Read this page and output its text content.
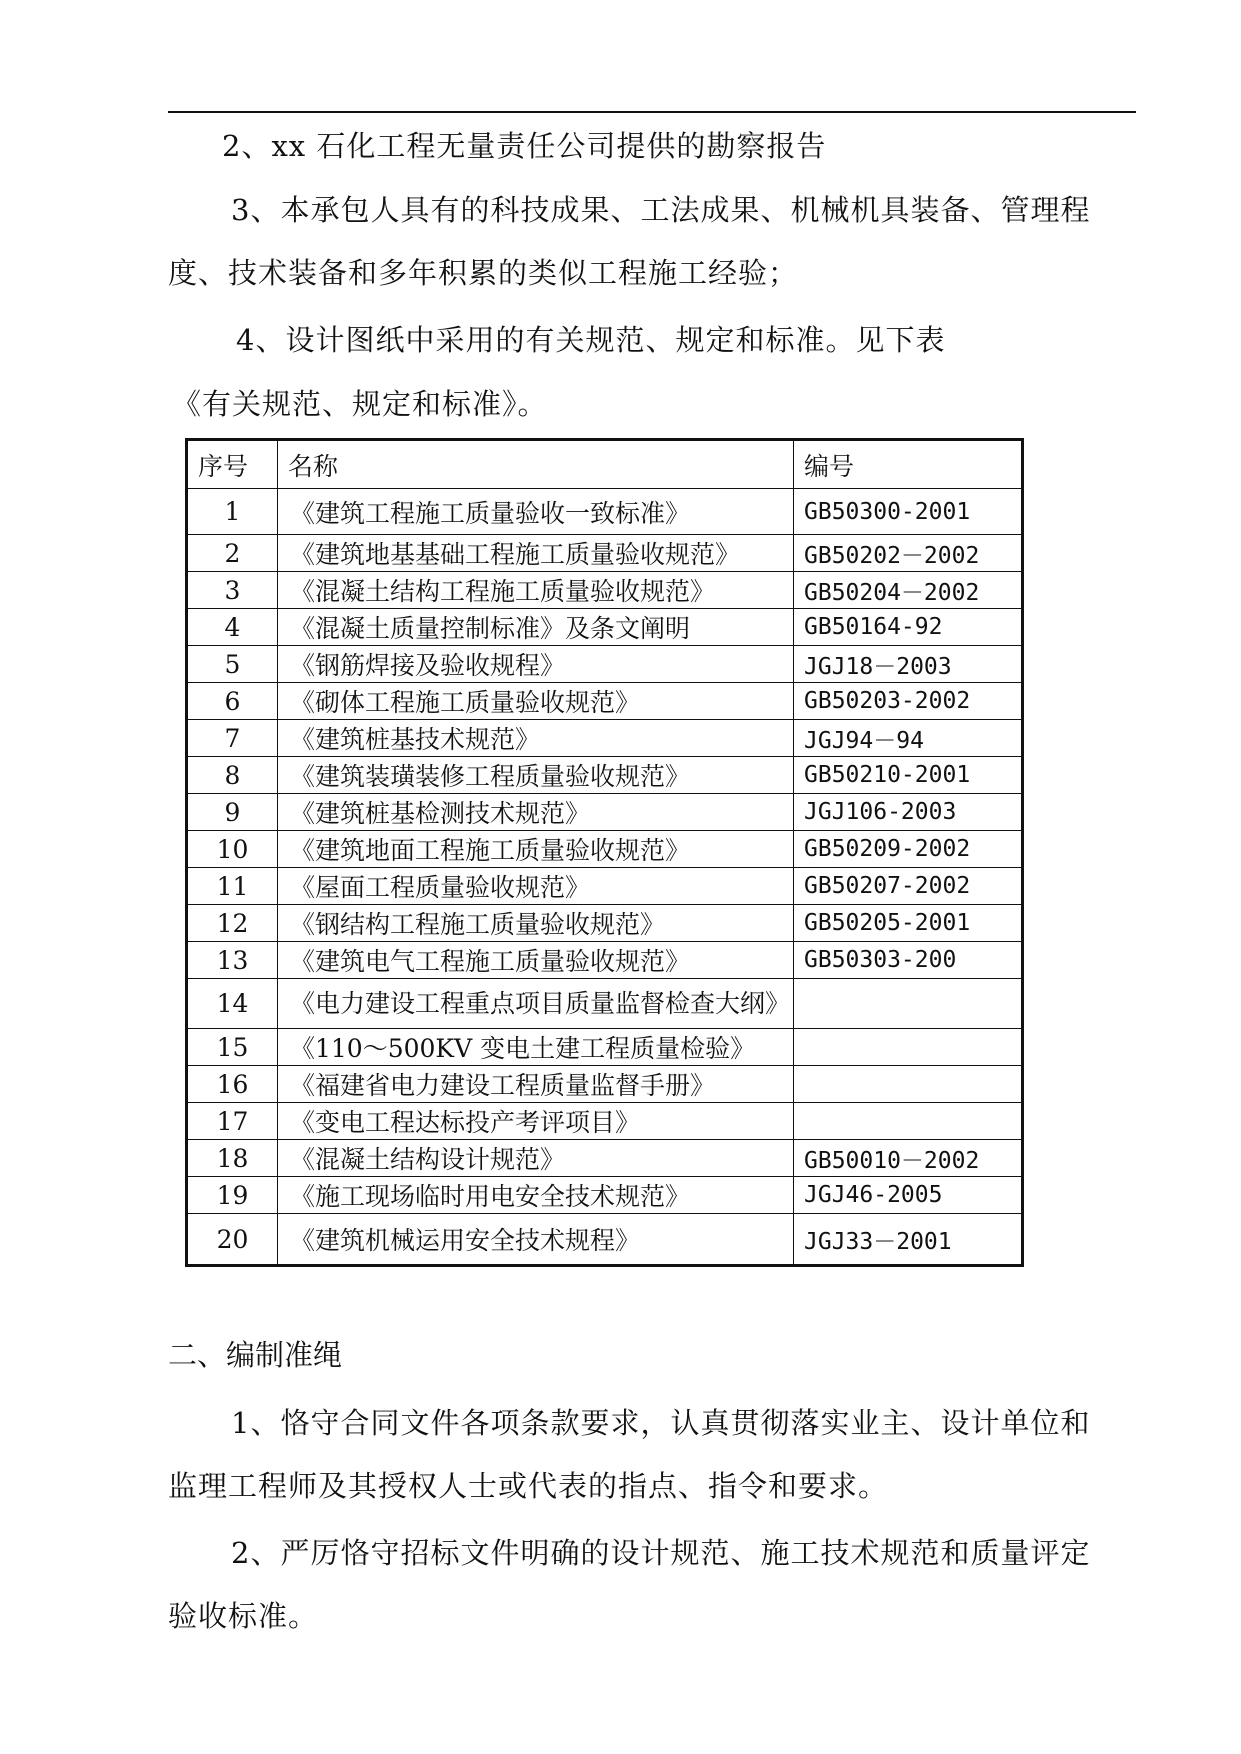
2、xx 石化工程无量责任公司提供的勘察报告
3、本承包人具有的科技成果、工法成果、机械机具装备、管理程
度、技术装备和多年积累的类似工程施工经验；
4、设计图纸中采用的有关规范、规定和标准。见下表
《有关规范、规定和标准》。
序号	名称	编号
1	《建筑工程施工质量验收一致标准》	GB50300-2001
2	《建筑地基基础工程施工质量验收规范》	GB50202－2002
3	《混凝土结构工程施工质量验收规范》	GB50204－2002
4	《混凝土质量控制标准》及条文阐明	GB50164-92
5	《钢筋焊接及验收规程》	JGJ18－2003
6	《砌体工程施工质量验收规范》	GB50203-2002
7	《建筑桩基技术规范》	JGJ94－94
8	《建筑装璜装修工程质量验收规范》	GB50210-2001
9	《建筑桩基检测技术规范》	JGJ106-2003
10	《建筑地面工程施工质量验收规范》	GB50209-2002
11	《屋面工程质量验收规范》	GB50207-2002
12	《钢结构工程施工质量验收规范》	GB50205-2001
13	《建筑电气工程施工质量验收规范》	GB50303-200
14	《电力建设工程重点项目质量监督检查大纲》	
15	《110～500KV 变电土建工程质量检验》	
16	《福建省电力建设工程质量监督手册》	
17	《变电工程达标投产考评项目》	
18	《混凝土结构设计规范》	GB50010－2002
19	《施工现场临时用电安全技术规范》	JGJ46-2005
20	《建筑机械运用安全技术规程》	JGJ33－2001
二、编制准绳
1、恪守合同文件各项条款要求，认真贯彻落实业主、设计单位和
监理工程师及其授权人士或代表的指点、指令和要求。
2、严厉恪守招标文件明确的设计规范、施工技术规范和质量评定
验收标准。
